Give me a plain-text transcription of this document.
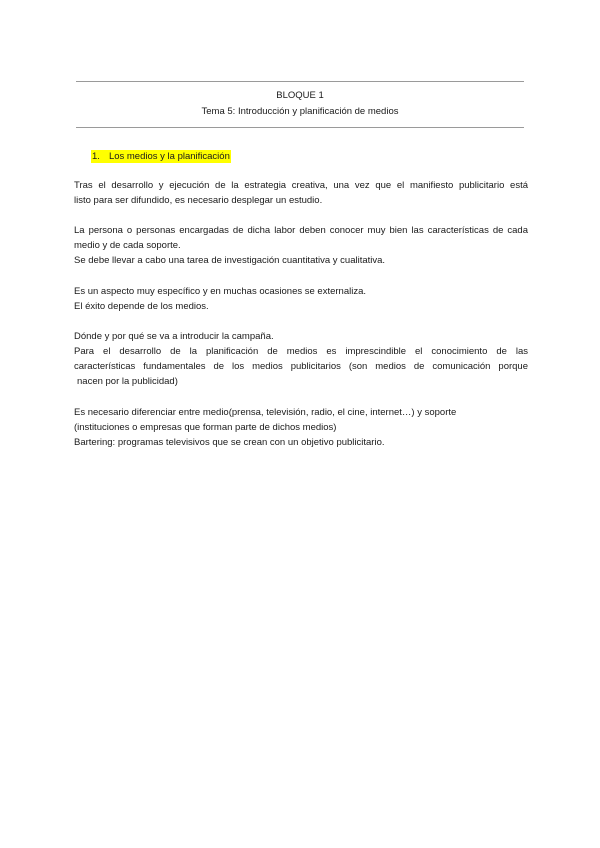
BLOQUE 1
Tema 5: Introducción y planificación de medios
1. Los medios y la planificación
Tras el desarrollo y ejecución de la estrategia creativa, una vez que el manifiesto publicitario está
listo para ser difundido, es necesario desplegar un estudio.
La persona o personas encargadas de dicha labor deben conocer muy bien las características de cada
medio y de cada soporte.
Se debe llevar a cabo una tarea de investigación cuantitativa y cualitativa.
Es un aspecto muy específico y en muchas ocasiones se externaliza.
El éxito depende de los medios.
Dónde y por qué se va a introducir la campaña.
Para el desarrollo de la planificación de medios es imprescindible el conocimiento de las
características fundamentales de los medios publicitarios (son medios de comunicación porque
nacen por la publicidad)
Es necesario diferenciar entre medio(prensa, televisión, radio, el cine, internet…) y soporte
(instituciones o empresas que forman parte de dichos medios)
Bartering: programas televisivos que se crean con un objetivo publicitario.
